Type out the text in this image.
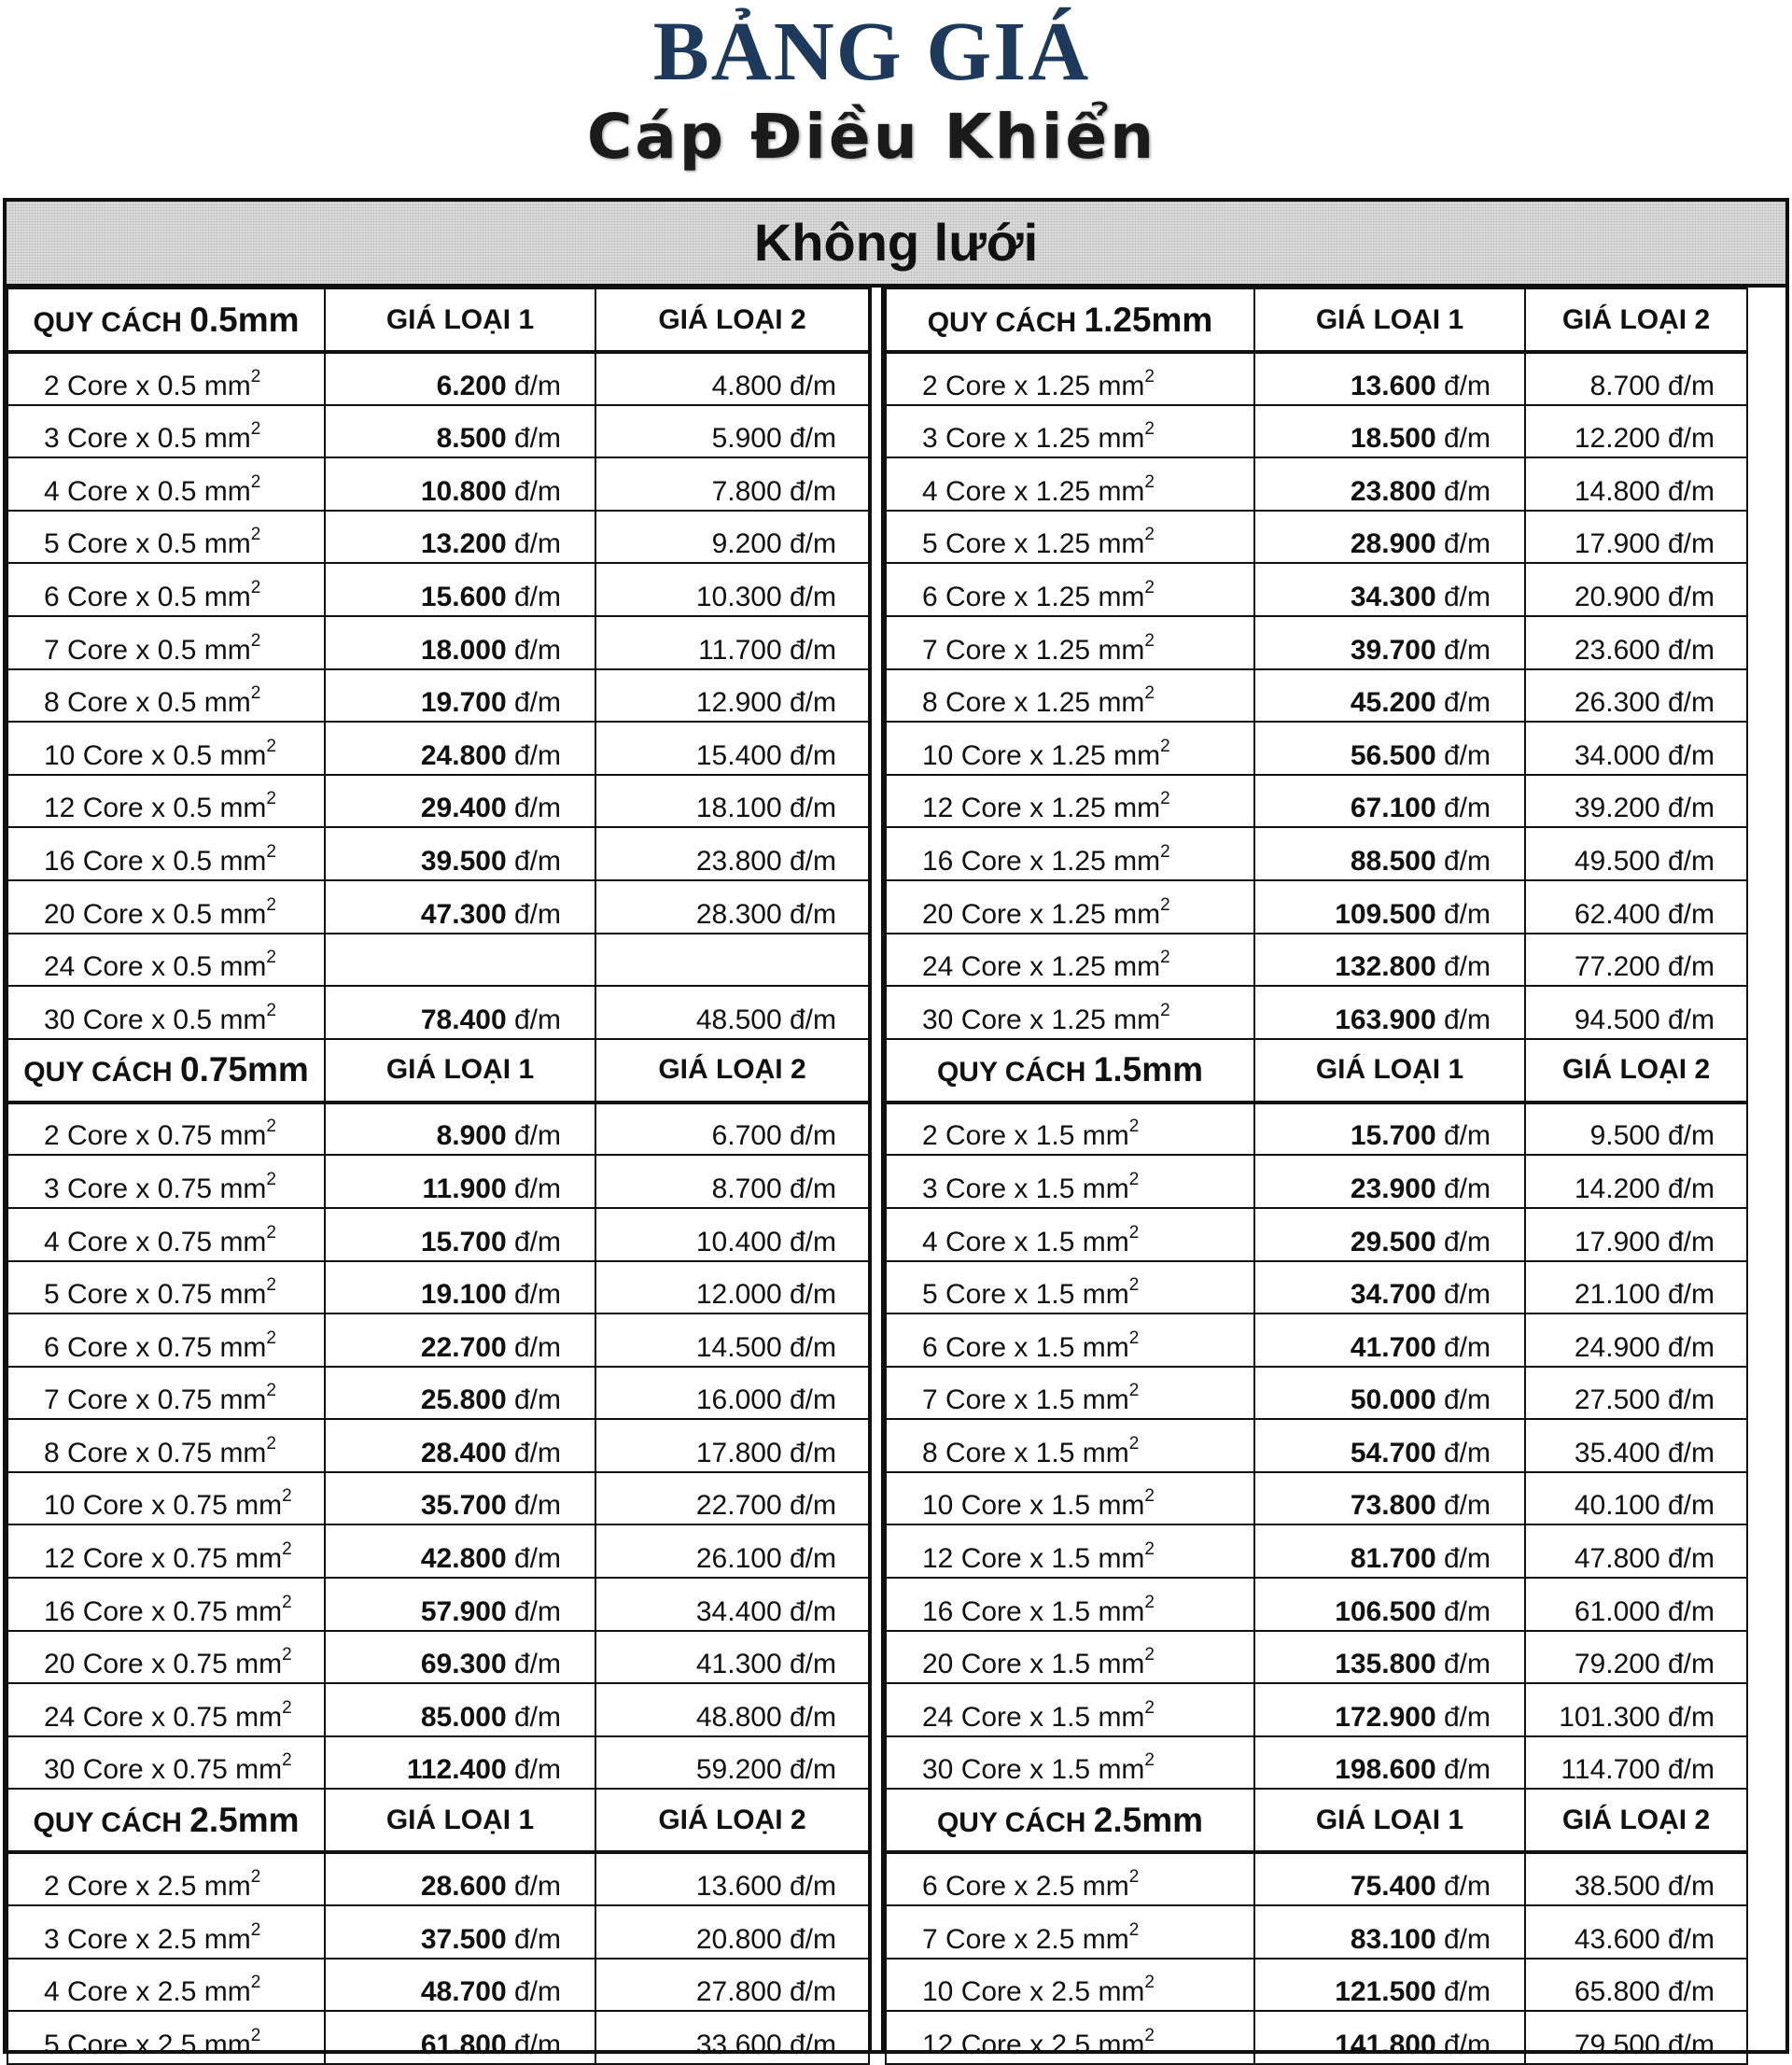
BẢNG GIÁ
Cáp Điều Khiển
Không lưới
QUY CÁCH 0.5mm	GIÁ LOẠI 1	GIÁ LOẠI 2
2 Core x 0.5 $mm^2$	6.200 đ/m	4.800 đ/m
3 Core x 0.5 $mm^2$	8.500 đ/m	5.900 đ/m
4 Core x 0.5 $mm^2$	10.800 đ/m	7.800 đ/m
5 Core x 0.5 $mm^2$	13.200 đ/m	9.200 đ/m
6 Core x 0.5 $mm^2$	15.600 đ/m	10.300 đ/m
7 Core x 0.5 $mm^2$	18.000 đ/m	11.700 đ/m
8 Core x 0.5 $mm^2$	19.700 đ/m	12.900 đ/m
10 Core x 0.5 $mm^2$	24.800 đ/m	15.400 đ/m
12 Core x 0.5 $mm^2$	29.400 đ/m	18.100 đ/m
16 Core x 0.5 $mm^2$	39.500 đ/m	23.800 đ/m
20 Core x 0.5 $mm^2$	47.300 đ/m	28.300 đ/m
24 Core x 0.5 $mm^2$		
30 Core x 0.5 $mm^2$	78.400 đ/m	48.500 đ/m
QUY CÁCH 0.75mm	GIÁ LOẠI 1	GIÁ LOẠI 2
2 Core x 0.75 $mm^2$	8.900 đ/m	6.700 đ/m
3 Core x 0.75 $mm^2$	11.900 đ/m	8.700 đ/m
4 Core x 0.75 $mm^2$	15.700 đ/m	10.400 đ/m
5 Core x 0.75 $mm^2$	19.100 đ/m	12.000 đ/m
6 Core x 0.75 $mm^2$	22.700 đ/m	14.500 đ/m
7 Core x 0.75 $mm^2$	25.800 đ/m	16.000 đ/m
8 Core x 0.75 $mm^2$	28.400 đ/m	17.800 đ/m
10 Core x 0.75 $mm^2$	35.700 đ/m	22.700 đ/m
12 Core x 0.75 $mm^2$	42.800 đ/m	26.100 đ/m
16 Core x 0.75 $mm^2$	57.900 đ/m	34.400 đ/m
20 Core x 0.75 $mm^2$	69.300 đ/m	41.300 đ/m
24 Core x 0.75 $mm^2$	85.000 đ/m	48.800 đ/m
30 Core x 0.75 $mm^2$	112.400 đ/m	59.200 đ/m
QUY CÁCH 2.5mm	GIÁ LOẠI 1	GIÁ LOẠI 2
2 Core x 2.5 $mm^2$	28.600 đ/m	13.600 đ/m
3 Core x 2.5 $mm^2$	37.500 đ/m	20.800 đ/m
4 Core x 2.5 $mm^2$	48.700 đ/m	27.800 đ/m
5 Core x 2.5 $mm^2$	61.800 đ/m	33.600 đ/m
QUY CÁCH 1.25mm	GIÁ LOẠI 1	GIÁ LOẠI 2
2 Core x 1.25 $mm^2$	13.600 đ/m	8.700 đ/m
3 Core x 1.25 $mm^2$	18.500 đ/m	12.200 đ/m
4 Core x 1.25 $mm^2$	23.800 đ/m	14.800 đ/m
5 Core x 1.25 $mm^2$	28.900 đ/m	17.900 đ/m
6 Core x 1.25 $mm^2$	34.300 đ/m	20.900 đ/m
7 Core x 1.25 $mm^2$	39.700 đ/m	23.600 đ/m
8 Core x 1.25 $mm^2$	45.200 đ/m	26.300 đ/m
10 Core x 1.25 $mm^2$	56.500 đ/m	34.000 đ/m
12 Core x 1.25 $mm^2$	67.100 đ/m	39.200 đ/m
16 Core x 1.25 $mm^2$	88.500 đ/m	49.500 đ/m
20 Core x 1.25 $mm^2$	109.500 đ/m	62.400 đ/m
24 Core x 1.25 $mm^2$	132.800 đ/m	77.200 đ/m
30 Core x 1.25 $mm^2$	163.900 đ/m	94.500 đ/m
QUY CÁCH 1.5mm	GIÁ LOẠI 1	GIÁ LOẠI 2
2 Core x 1.5 $mm^2$	15.700 đ/m	9.500 đ/m
3 Core x 1.5 $mm^2$	23.900 đ/m	14.200 đ/m
4 Core x 1.5 $mm^2$	29.500 đ/m	17.900 đ/m
5 Core x 1.5 $mm^2$	34.700 đ/m	21.100 đ/m
6 Core x 1.5 $mm^2$	41.700 đ/m	24.900 đ/m
7 Core x 1.5 $mm^2$	50.000 đ/m	27.500 đ/m
8 Core x 1.5 $mm^2$	54.700 đ/m	35.400 đ/m
10 Core x 1.5 $mm^2$	73.800 đ/m	40.100 đ/m
12 Core x 1.5 $mm^2$	81.700 đ/m	47.800 đ/m
16 Core x 1.5 $mm^2$	106.500 đ/m	61.000 đ/m
20 Core x 1.5 $mm^2$	135.800 đ/m	79.200 đ/m
24 Core x 1.5 $mm^2$	172.900 đ/m	101.300 đ/m
30 Core x 1.5 $mm^2$	198.600 đ/m	114.700 đ/m
QUY CÁCH 2.5mm	GIÁ LOẠI 1	GIÁ LOẠI 2
6 Core x 2.5 $mm^2$	75.400 đ/m	38.500 đ/m
7 Core x 2.5 $mm^2$	83.100 đ/m	43.600 đ/m
10 Core x 2.5 $mm^2$	121.500 đ/m	65.800 đ/m
12 Core x 2.5 $mm^2$	141.800 đ/m	79.500 đ/m
